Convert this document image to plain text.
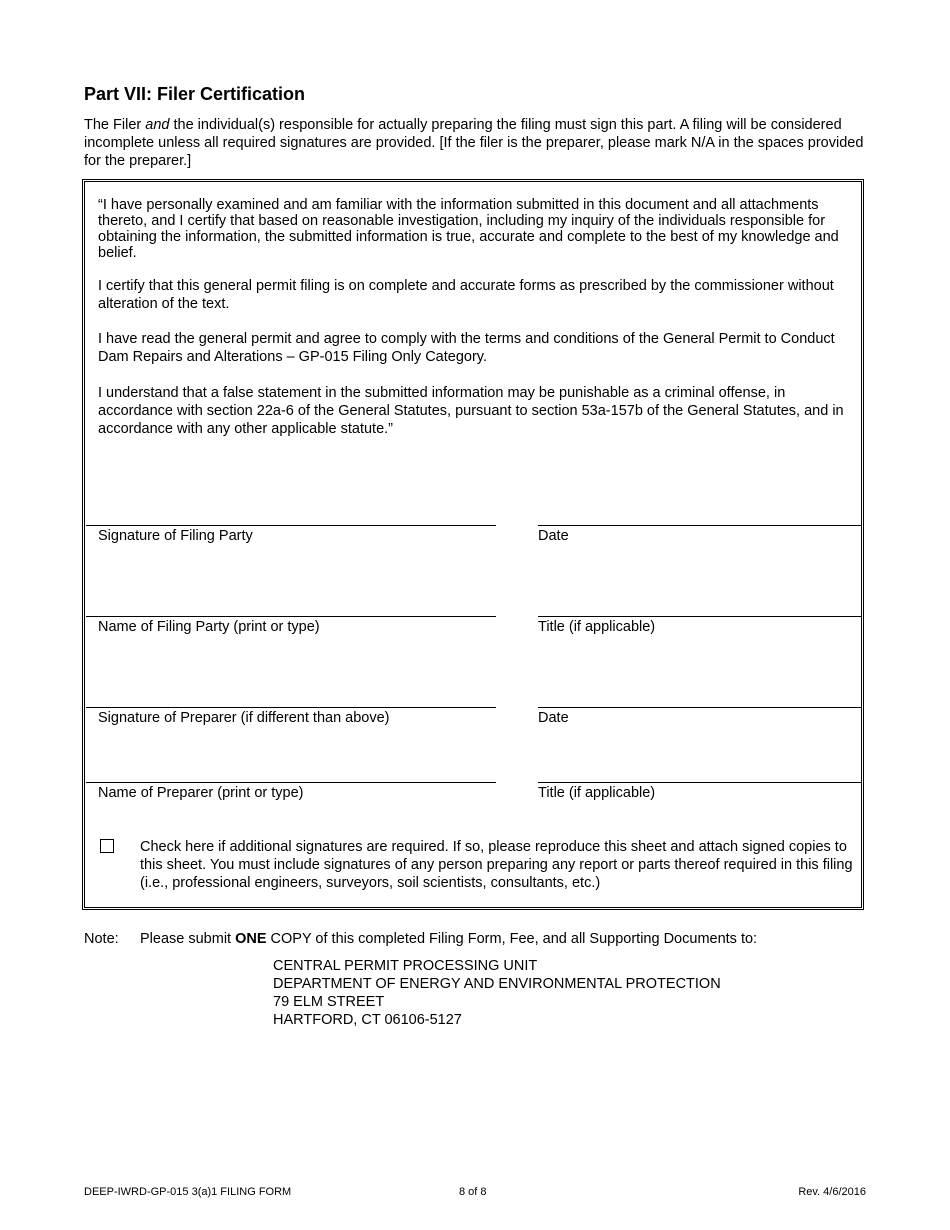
Part VII: Filer Certification

The Filer and the individual(s) responsible for actually preparing the filing must sign this part. A filing will be considered incomplete unless all required signatures are provided. [If the filer is the preparer, please mark N/A in the spaces provided for the preparer.]

“I have personally examined and am familiar with the information submitted in this document and all attachments thereto, and I certify that based on reasonable investigation, including my inquiry of the individuals responsible for obtaining the information, the submitted information is true, accurate and complete to the best of my knowledge and belief.

I certify that this general permit filing is on complete and accurate forms as prescribed by the commissioner without alteration of the text.

I have read the general permit and agree to comply with the terms and conditions of the General Permit to Conduct Dam Repairs and Alterations – GP-015 Filing Only Category.

I understand that a false statement in the submitted information may be punishable as a criminal offense, in accordance with section 22a-6 of the General Statutes, pursuant to section 53a-157b of the General Statutes, and in accordance with any other applicable statute.”

Signature of Filing Party	Date

Name of Filing Party (print or type)	Title (if applicable)

Signature of Preparer (if different than above)	Date

Name of Preparer (print or type)	Title (if applicable)

Check here if additional signatures are required. If so, please reproduce this sheet and attach signed copies to this sheet. You must include signatures of any person preparing any report or parts thereof required in this filing (i.e., professional engineers, surveyors, soil scientists, consultants, etc.)

Note: Please submit ONE COPY of this completed Filing Form, Fee, and all Supporting Documents to:

CENTRAL PERMIT PROCESSING UNIT

DEPARTMENT OF ENERGY AND ENVIRONMENTAL PROTECTION

79 ELM STREET

HARTFORD, CT 06106-5127

DEEP-IWRD-GP-015 3(a)1 FILING FORM	8 of 8	Rev. 4/6/2016
